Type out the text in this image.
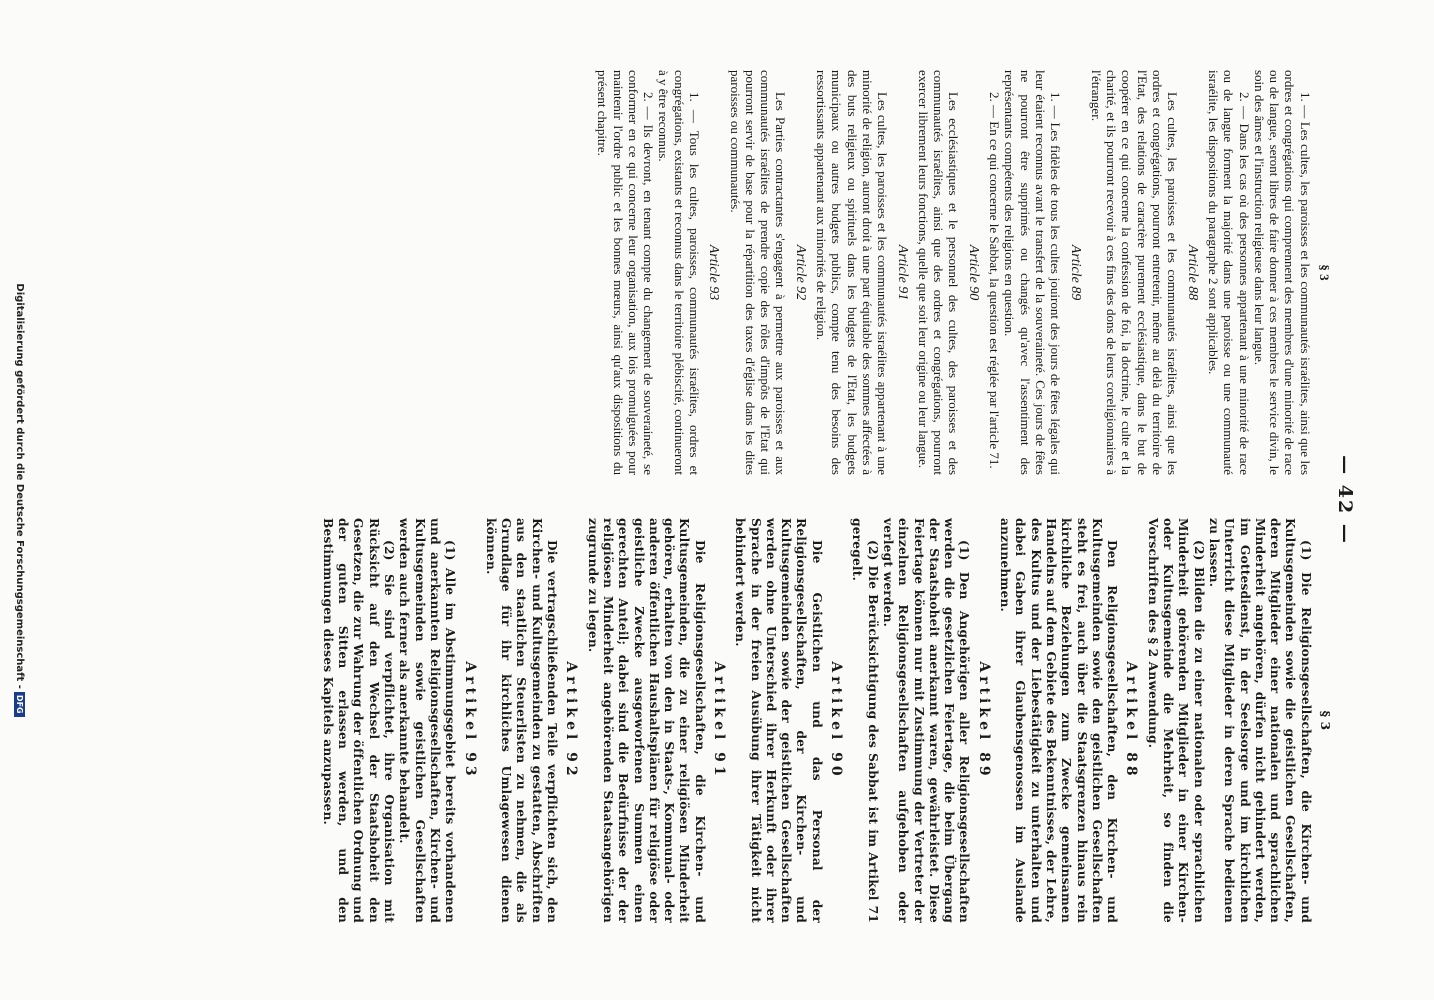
— 42 —
§ 3

1. — Les cultes, les paroisses et les communautés israélites, ainsi que les ordres et congrégations qui comprennent des membres d'une minorité de race ou de langue, seront libres de faire donner à ces membres le service divin, le soin des âmes et l'instruction religieuse dans leur langue.

2. — Dans les cas où des personnes appartenant à une minorité de race ou de langue forment la majorité dans une paroisse ou une communauté israélite, les dispositions du paragraphe 2 sont applicables.

Article 88

Les cultes, les paroisses et les communautés israélites, ainsi que les ordres et congrégations, pourront entretenir, même au delà du territoire de l'Etat, des relations de caractère purement ecclésiastique, dans le but de coopérer en ce qui concerne la confession de foi, la doctrine, le culte et la charité, et ils pourront recevoir à ces fins des dons de leurs coreligionnaires à l'étranger.

Article 89

1. — Les fidèles de tous les cultes jouiront des jours de fêtes légales qui leur étaient reconnus avant le transfert de la souveraineté. Ces jours de fêtes ne pourront être supprimés ou changés qu'avec l'assentiment des représentants compétents des religions en question.

2. — En ce qui concerne le Sabbat, la question est réglée par l'article 71.

Article 90

Les ecclésiastiques et le personnel des cultes, des paroisses et des communautés israélites, ainsi que des ordres et congrégations, pourront exercer librement leurs fonctions, quelle que soit leur origine ou leur langue.

Article 91

Les cultes, les paroisses et les communautés israélites appartenant à une minorité de religion, auront droit à une part équitable des sommes affectées à des buts religieux ou spirituels dans les budgets de l'Etat, les budgets municipaux ou autres budgets publics, compte tenu des besoins des ressortissants appartenant aux minorités de religion.

Article 92

Les Parties contractantes s'engagent à permettre aux paroisses et aux communautés israélites de prendre copie des rôles d'impôts de l'Etat qui pourront servir de base pour la répartition des taxes d'église dans les dites paroisses ou communautés.

Article 93

1. — Tous les cultes, paroisses, communautés israélites, ordres et congrégations, existants et reconnus dans le territoire plébiscité, continueront à y être reconnus.

2. — Ils devront, en tenant compte du changement de souveraineté, se conformer en ce qui concerne leur organisation, aux lois promulguées pour maintenir l'ordre public et les bonnes mœurs, ainsi qu'aux dispositions du présent chapitre.

§ 3

(1) Die Religionsgesellschaften, die Kirchen- und Kultusgemeinden sowie die geistlichen Gesellschaften, deren Mitglieder einer nationalen und sprachlichen Minderheit angehören, dürfen nicht gehindert werden, im Gottesdienst, in der Seelsorge und im kirchlichen Unterricht diese Mitglieder in deren Sprache bedienen zu lassen.

(2) Bilden die zu einer nationalen oder sprachlichen Minderheit gehörenden Mitglieder in einer Kirchen- oder Kultusgemeinde die Mehrheit, so finden die Vorschriften des § 2 Anwendung.

Artikel 88

Den Religionsgesellschaften, den Kirchen- und Kultusgemeinden sowie den geistlichen Gesellschaften steht es frei, auch über die Staatsgrenzen hinaus rein kirchliche Beziehungen zum Zwecke gemeinsamen Handelns auf dem Gebiete des Bekenntnisses, der Lehre, des Kultus und der Liebestätigkeit zu unterhalten und dabei Gaben ihrer Glaubensgenossen im Auslande anzunehmen.

Artikel 89

(1) Den Angehörigen aller Religionsgesellschaften werden die gesetzlichen Feiertage, die beim Übergang der Staatshoheit anerkannt waren, gewährleistet. Diese Feiertage können nur mit Zustimmung der Vertreter der einzelnen Religionsgesellschaften aufgehoben oder verlegt werden.

(2) Die Berücksichtigung des Sabbat ist im Artikel 71 geregelt.

Artikel 90

Die Geistlichen und das Personal der Religionsgesellschaften, der Kirchen- und Kultusgemeinden sowie der geistlichen Gesellschaften werden ohne Unterschied ihrer Herkunft oder ihrer Sprache in der freien Ausübung ihrer Tätigkeit nicht behindert werden.

Artikel 91

Die Religionsgesellschaften, die Kirchen- und Kultusgemeinden, die zu einer religiösen Minderheit gehören, erhalten von den in Staats-, Kommunal- oder anderen öffentlichen Haushaltsplänen für religiöse oder geistliche Zwecke ausgeworfenen Summen einen gerechten Anteil; dabei sind die Bedürfnisse der der religiösen Minderheit angehörenden Staatsangehörigen zugrunde zu legen.

Artikel 92

Die vertragschließenden Teile verpflichten sich, den Kirchen- und Kultusgemeinden zu gestatten, Abschriften aus den staatlichen Steuerlisten zu nehmen, die als Grundlage für ihr kirchliches Umlagewesen dienen können.

Artikel 93

(1) Alle im Abstimmungsgebiet bereits vorhandenen und anerkannten Religionsgesellschaften, Kirchen- und Kultusgemeinden sowie geistlichen Gesellschaften werden auch ferner als anerkannte behandelt.

(2) Sie sind verpflichtet, ihre Organisation mit Rücksicht auf den Wechsel der Staatshoheit den Gesetzen, die zur Wahrung der öffentlichen Ordnung und der guten Sitten erlassen werden, und den Bestimmungen dieses Kapitels anzupassen.

Digitalisierung gefördert durch die Deutsche Forschungsgemeinschaft -DFG
